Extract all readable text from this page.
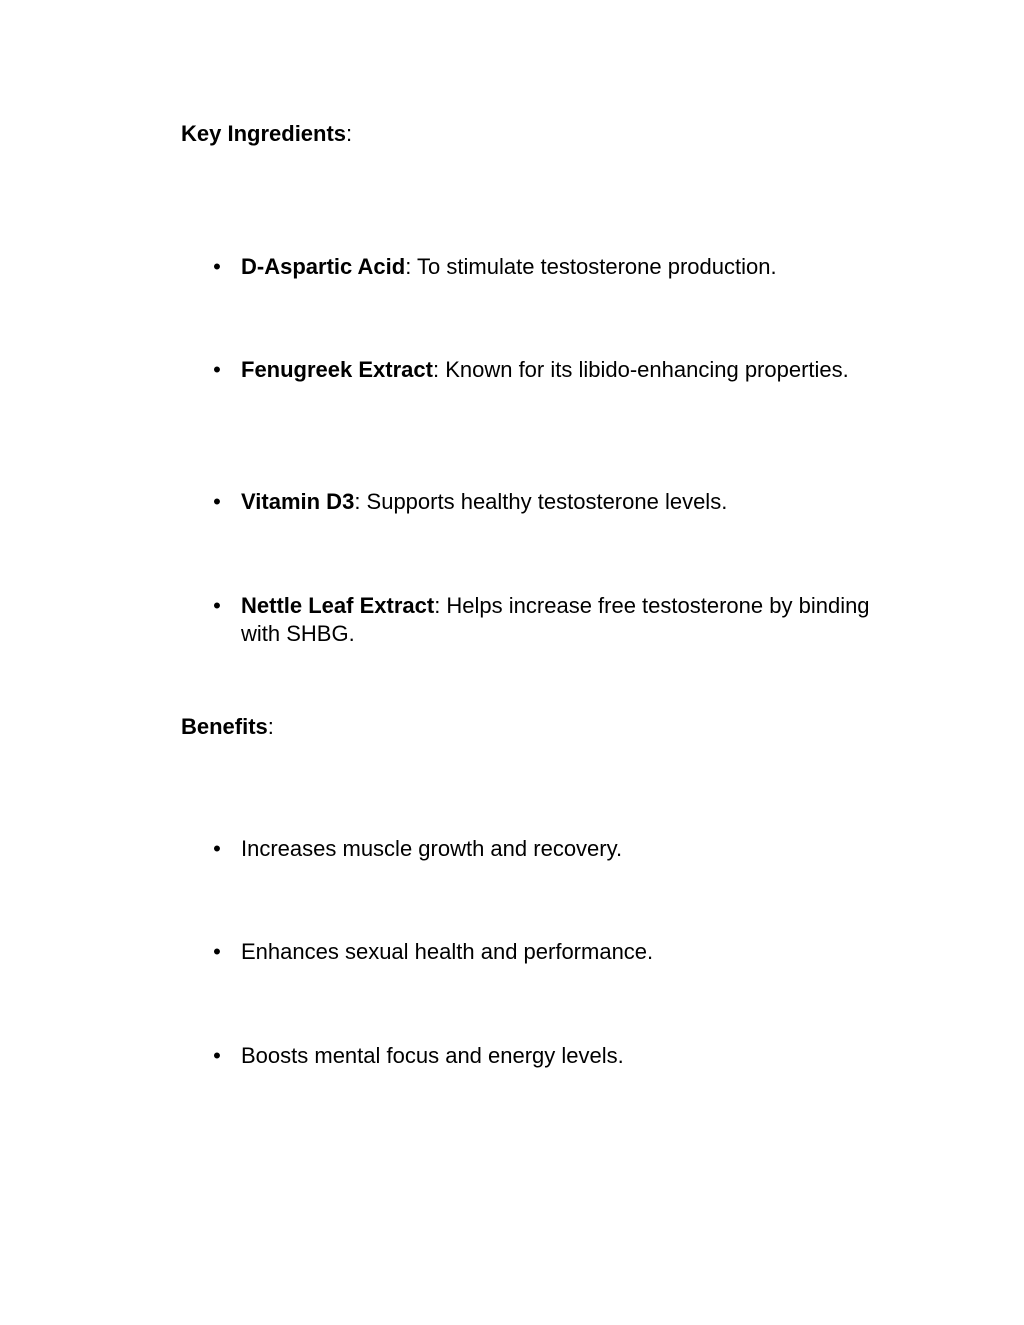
Key Ingredients:
• D-Aspartic Acid: To stimulate testosterone production.
• Fenugreek Extract: Known for its libido-enhancing properties.
• Vitamin D3: Supports healthy testosterone levels.
• Nettle Leaf Extract: Helps increase free testosterone by binding with SHBG.
Benefits:
• Increases muscle growth and recovery.
• Enhances sexual health and performance.
• Boosts mental focus and energy levels.
